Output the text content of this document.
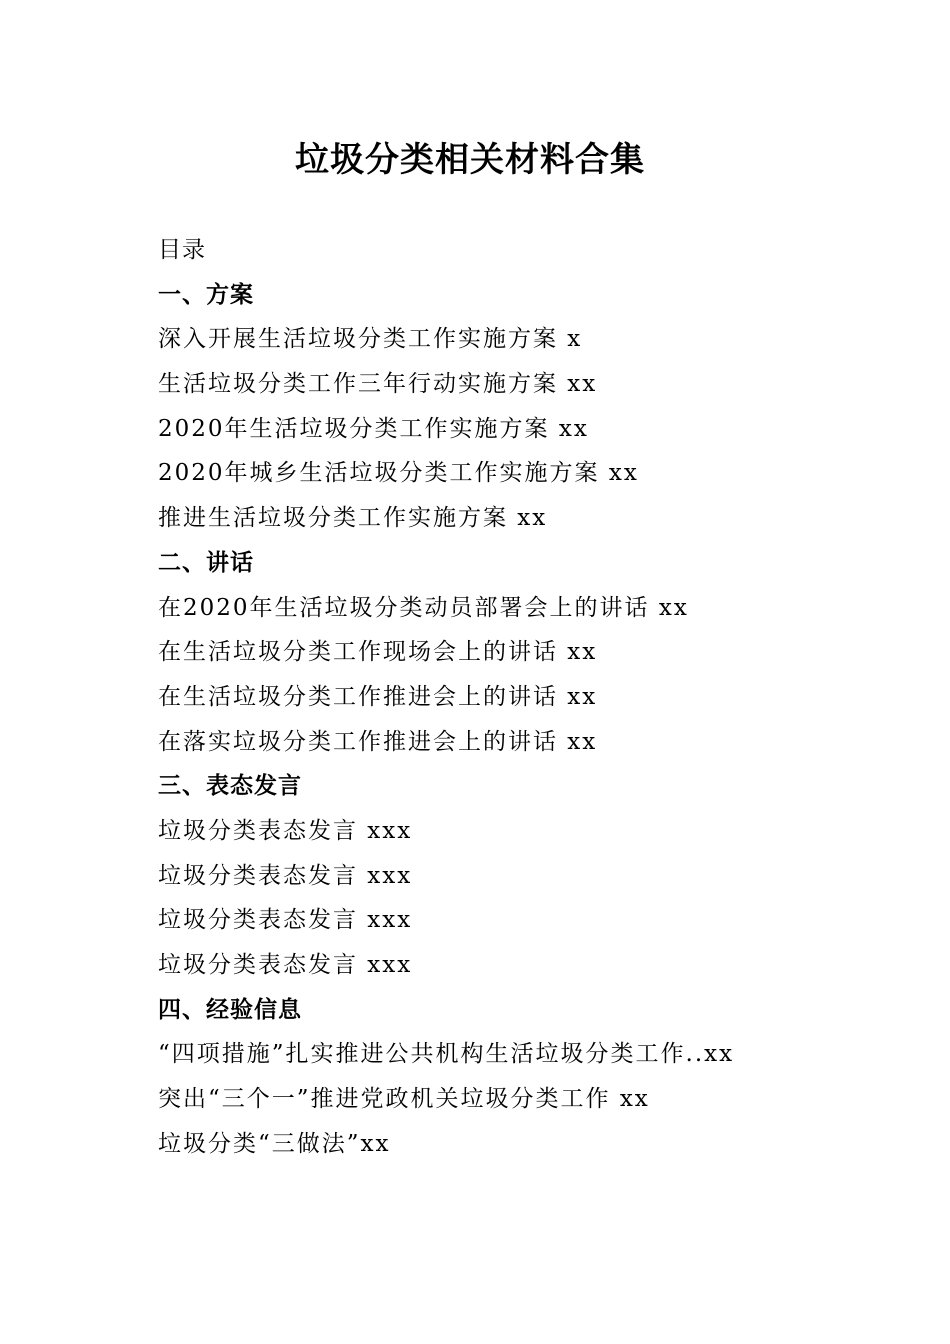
垃圾分类相关材料合集
目录
一、方案
深入开展生活垃圾分类工作实施方案 x
生活垃圾分类工作三年行动实施方案 xx
2020年生活垃圾分类工作实施方案 xx
2020年城乡生活垃圾分类工作实施方案 xx
推进生活垃圾分类工作实施方案 xx
二、讲话
在2020年生活垃圾分类动员部署会上的讲话 xx
在生活垃圾分类工作现场会上的讲话 xx
在生活垃圾分类工作推进会上的讲话 xx
在落实垃圾分类工作推进会上的讲话 xx
三、表态发言
垃圾分类表态发言 xxx
垃圾分类表态发言 xxx
垃圾分类表态发言 xxx
垃圾分类表态发言 xxx
四、经验信息
“四项措施”扎实推进公共机构生活垃圾分类工作..xx
突出“三个一”推进党政机关垃圾分类工作 xx
垃圾分类“三做法”xx
